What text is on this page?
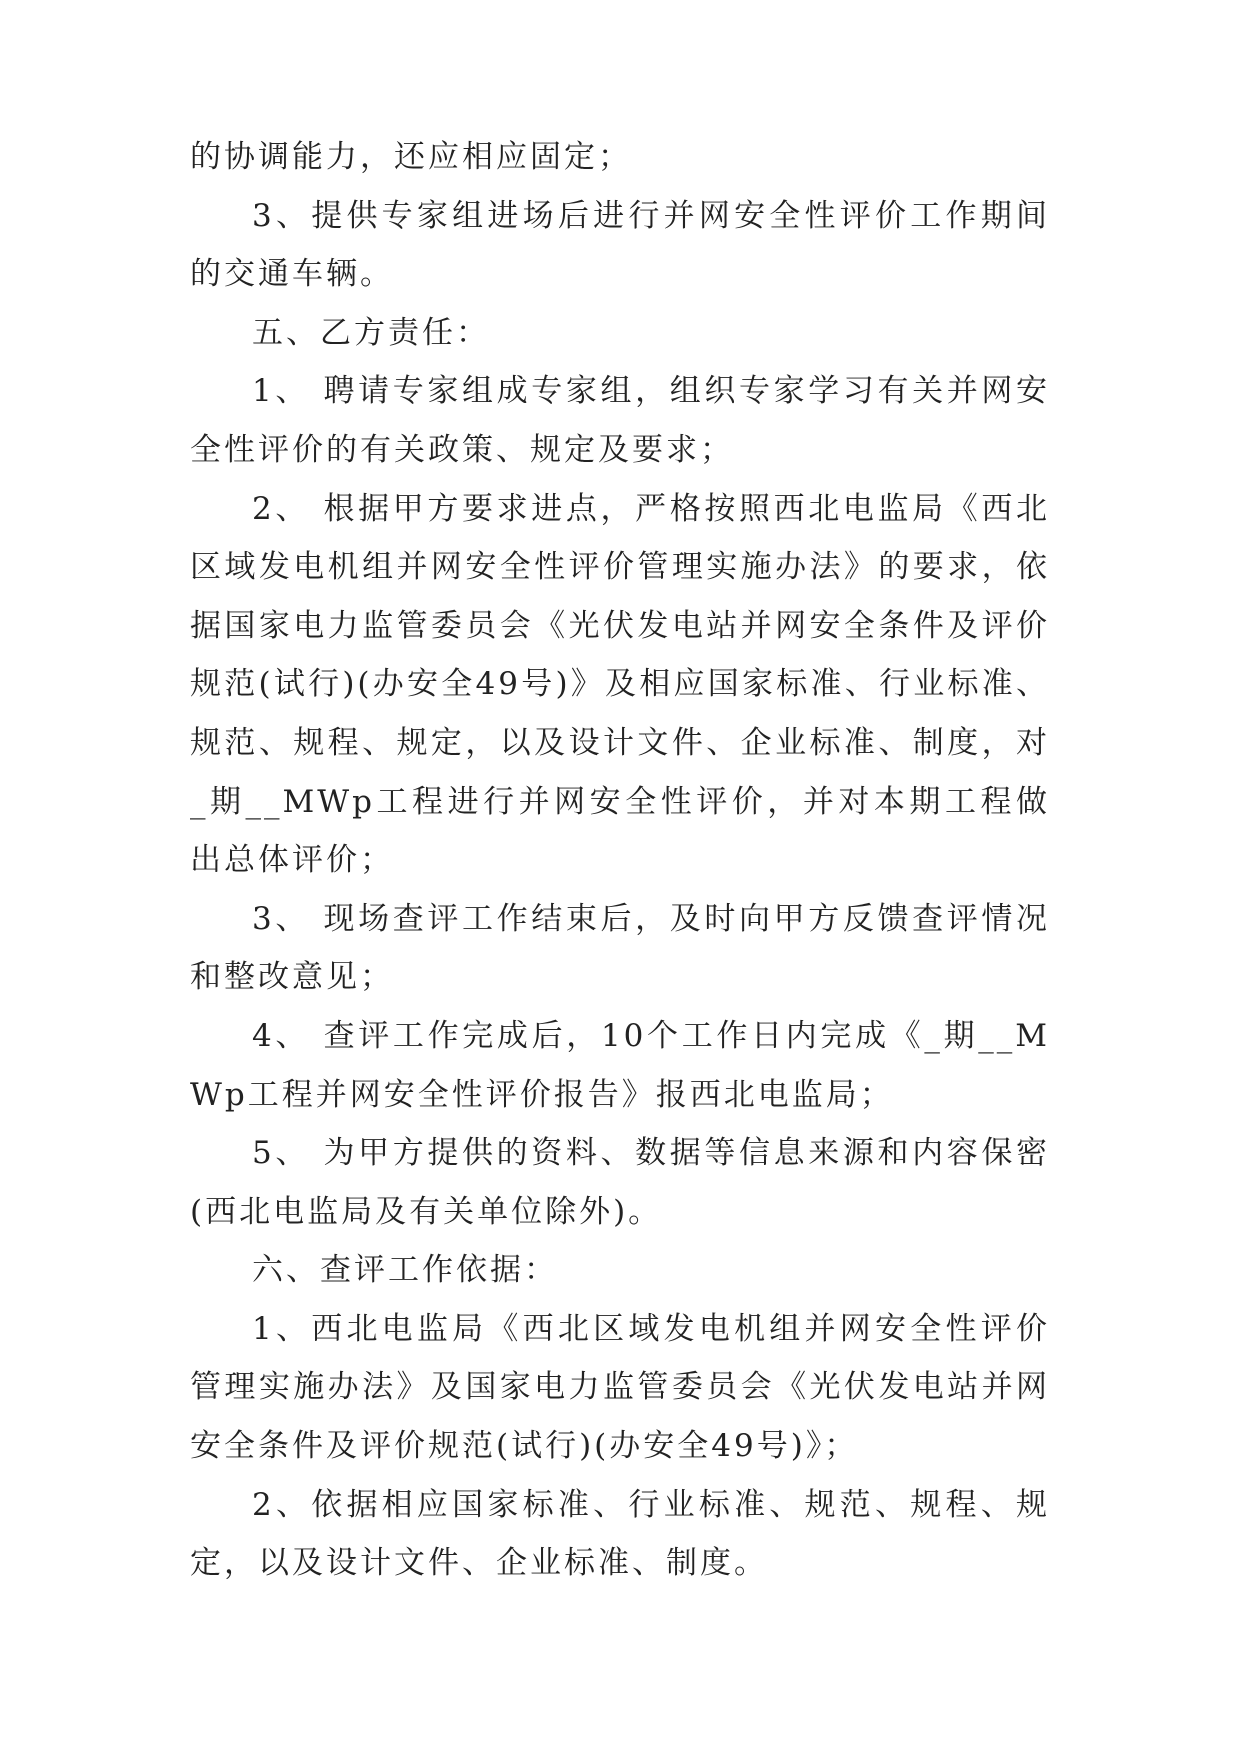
的协调能力，还应相应固定；

3、提供专家组进场后进行并网安全性评价工作期间的交通车辆。

五、乙方责任：

1、 聘请专家组成专家组，组织专家学习有关并网安全性评价的有关政策、规定及要求；

2、 根据甲方要求进点，严格按照西北电监局《西北区域发电机组并网安全性评价管理实施办法》的要求，依据国家电力监管委员会《光伏发电站并网安全条件及评价规范(试行)(办安全49号)》及相应国家标准、行业标准、规范、规程、规定，以及设计文件、企业标准、制度，对_期__MWp工程进行并网安全性评价，并对本期工程做出总体评价；

3、 现场查评工作结束后，及时向甲方反馈查评情况和整改意见；

4、 查评工作完成后，10个工作日内完成《_期__MWp工程并网安全性评价报告》报西北电监局；

5、 为甲方提供的资料、数据等信息来源和内容保密(西北电监局及有关单位除外)。

六、查评工作依据：

1、西北电监局《西北区域发电机组并网安全性评价管理实施办法》及国家电力监管委员会《光伏发电站并网安全条件及评价规范(试行)(办安全49号)》；

2、依据相应国家标准、行业标准、规范、规程、规定，以及设计文件、企业标准、制度。
